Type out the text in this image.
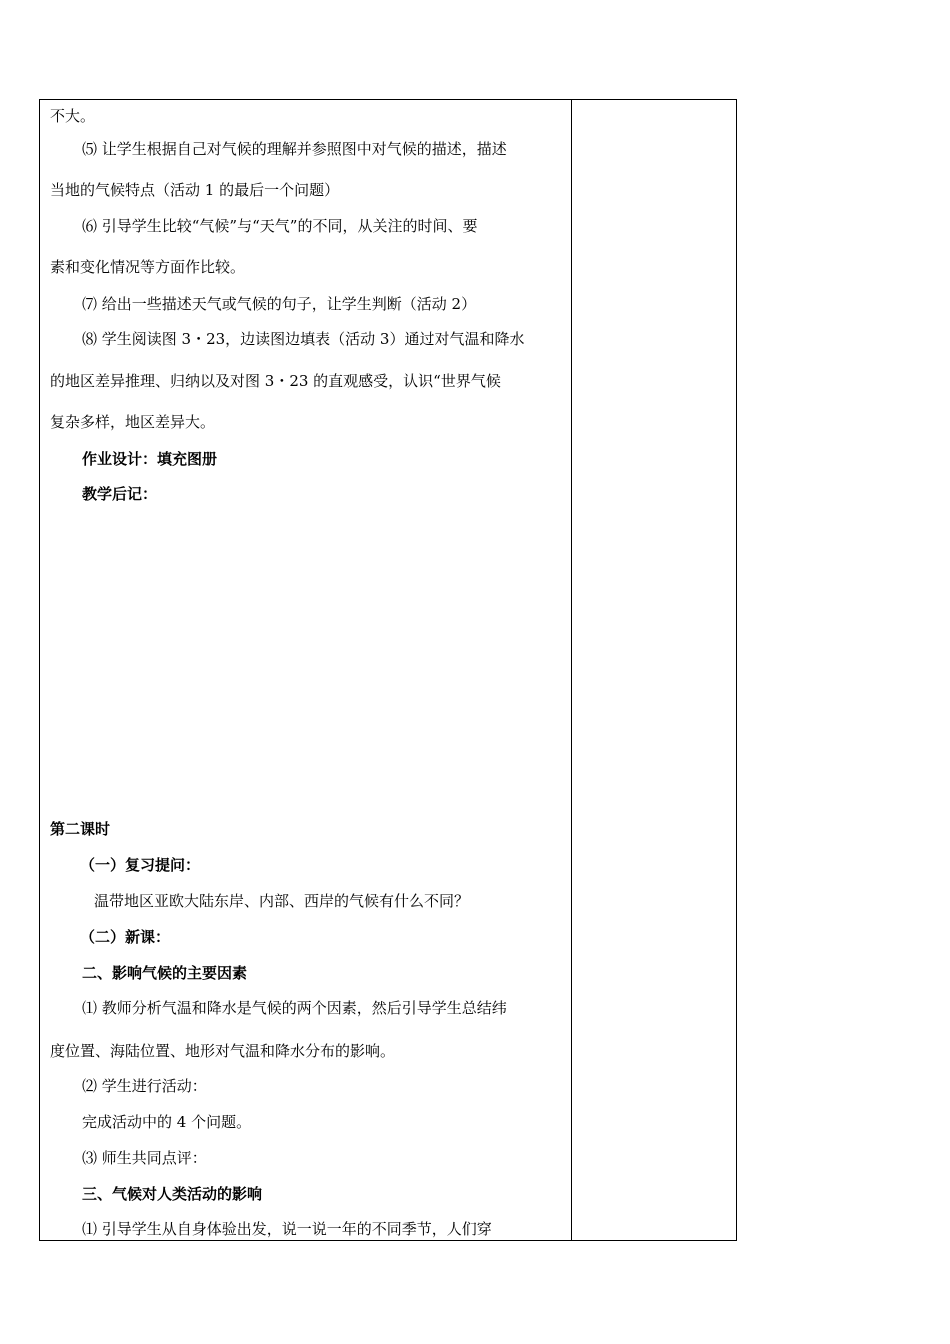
不大。
⑸ 让学生根据自己对气候的理解并参照图中对气候的描述，描述
当地的气候特点（活动 1 的最后一个问题）
⑹ 引导学生比较“气候”与“天气”的不同，从关注的时间、要
素和变化情况等方面作比较。
⑺ 给出一些描述天气或气候的句子，让学生判断（活动 2）
⑻ 学生阅读图 3・23，边读图边填表（活动 3）通过对气温和降水
的地区差异推理、归纳以及对图 3・23 的直观感受，认识“世界气候
复杂多样，地区差异大。
作业设计：填充图册
教学后记：
第二课时
（一）复习提问：
温带地区亚欧大陆东岸、内部、西岸的气候有什么不同？
（二）新课：
二、影响气候的主要因素
⑴ 教师分析气温和降水是气候的两个因素，然后引导学生总结纬
度位置、海陆位置、地形对气温和降水分布的影响。
⑵ 学生进行活动：
完成活动中的 4 个问题。
⑶ 师生共同点评：
三、气候对人类活动的影响
⑴ 引导学生从自身体验出发，说一说一年的不同季节，人们穿
